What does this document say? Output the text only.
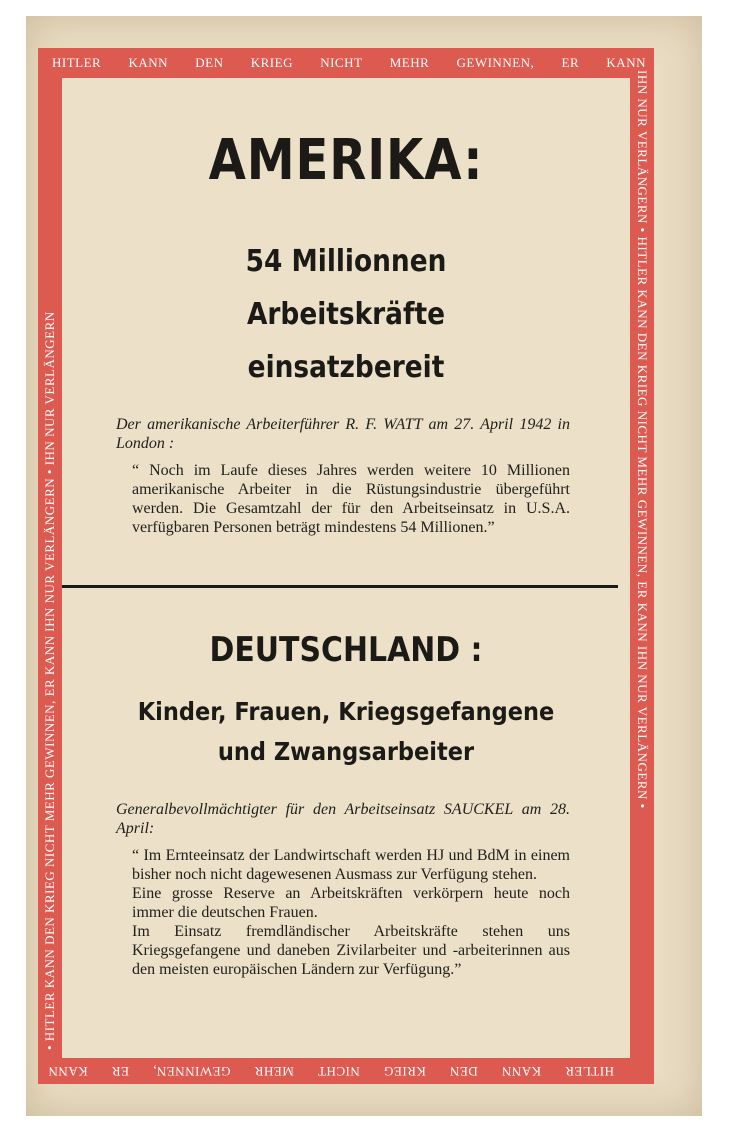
HITLER KANN DEN KRIEG NICHT MEHR GEWINNEN, ER KANN
IHN NUR VERLÄNGERN • HITLER KANN DEN KRIEG NICHT MEHR GEWINNEN, ER KANN IHN NUR VERLÄNGERN •
• HITLER KANN DEN KRIEG NICHT MEHR GEWINNEN, ER KANN IHN NUR VERLÄNGERN • IHN NUR VERLÄNGERN
HITLER
KANN
DEN
KRIEG
NICHT
MEHR
GEWINNEN,
ER
KANN
AMERIKA:
54 Millionnen
Arbeitskräfte
einsatzbereit
Der amerikanische Arbeiterführer R. F. WATT am 27. April 1942 in London :
“ Noch im Laufe dieses Jahres werden weitere 10 Millionen amerikanische Arbeiter in die Rüstungsindustrie übergeführt werden. Die Gesamtzahl der für den Arbeitseinsatz in U.S.A. verfügbaren Personen beträgt mindestens 54 Millionen.”
DEUTSCHLAND :
Kinder, Frauen, Kriegsgefangene
und Zwangsarbeiter
Generalbevollmächtigter für den Arbeitseinsatz SAUCKEL am 28. April:

“ Im Ernteeinsatz der Landwirtschaft werden HJ und BdM in einem bisher noch nicht dagewesenen Ausmass zur Verfügung stehen.

Eine grosse Reserve an Arbeitskräften verkörpern heute noch immer die deutschen Frauen.

Im Einsatz fremdländischer Arbeitskräfte stehen uns Kriegsgefangene und daneben Zivilarbeiter und -arbeiterinnen aus den meisten europäischen Ländern zur Verfügung.”
